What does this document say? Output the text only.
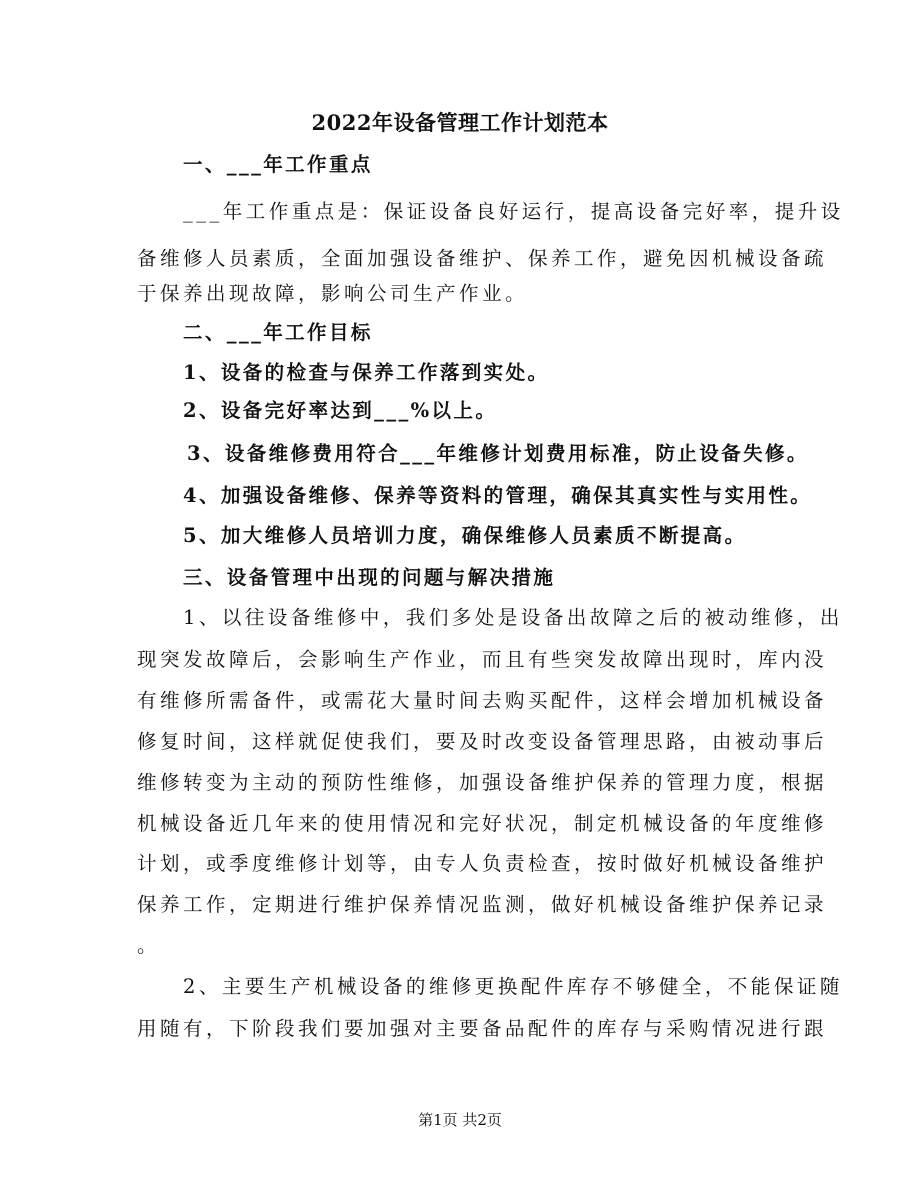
2022年设备管理工作计划范本
一、___年工作重点
___年工作重点是：保证设备良好运行，提高设备完好率，提升设
备维修人员素质，全面加强设备维护、保养工作，避免因机械设备疏
于保养出现故障，影响公司生产作业。
二、___年工作目标
1、设备的检查与保养工作落到实处。
2、设备完好率达到___%以上。
3、设备维修费用符合___年维修计划费用标准，防止设备失修。
4、加强设备维修、保养等资料的管理，确保其真实性与实用性。
5、加大维修人员培训力度，确保维修人员素质不断提高。
三、设备管理中出现的问题与解决措施
1、以往设备维修中，我们多处是设备出故障之后的被动维修，出
现突发故障后，会影响生产作业，而且有些突发故障出现时，库内没
有维修所需备件，或需花大量时间去购买配件，这样会增加机械设备
修复时间，这样就促使我们，要及时改变设备管理思路，由被动事后
维修转变为主动的预防性维修，加强设备维护保养的管理力度，根据
机械设备近几年来的使用情况和完好状况，制定机械设备的年度维修
计划，或季度维修计划等，由专人负责检查，按时做好机械设备维护
保养工作，定期进行维护保养情况监测，做好机械设备维护保养记录
。
2、主要生产机械设备的维修更换配件库存不够健全，不能保证随
用随有，下阶段我们要加强对主要备品配件的库存与采购情况进行跟
第1页 共2页
